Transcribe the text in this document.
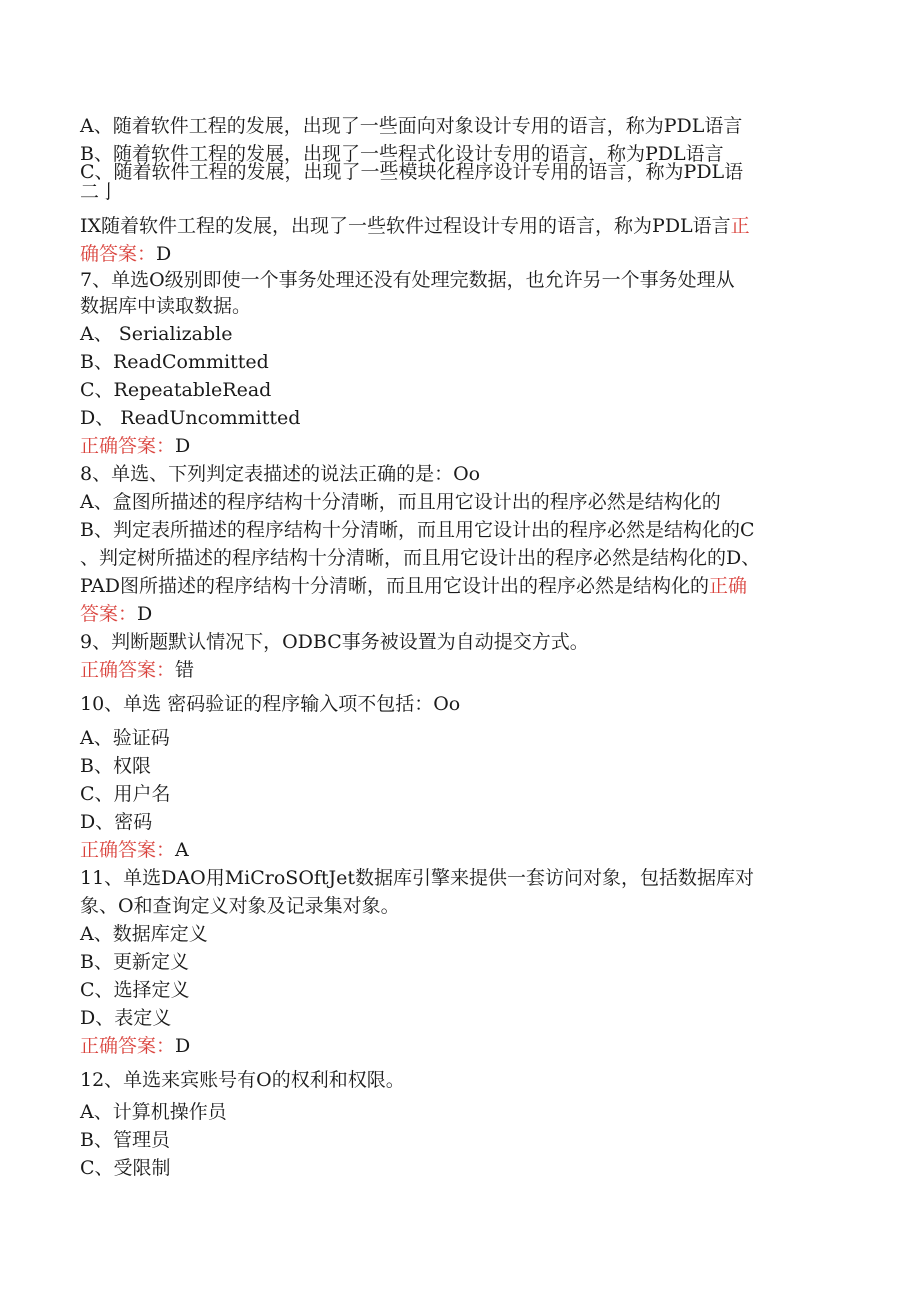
A、随着软件工程的发展，出现了一些面向对象设计专用的语言，称为PDL语言

B、随着软件工程的发展，出现了一些程式化设计专用的语言，称为PDL语言

C、随着软件工程的发展，出现了一些模块化程序设计专用的语言，称为PDL语

二亅

IX随着软件工程的发展，出现了一些软件过程设计专用的语言，称为PDL语言正

确答案：D

7、单选O级别即使一个事务处理还没有处理完数据，也允许另一个事务处理从

数据库中读取数据。

A、 Serializable

B、ReadCommitted

C、RepeatableRead

D、 ReadUncommitted

正确答案：D

8、单选、下列判定表描述的说法正确的是：Oo

A、盒图所描述的程序结构十分清晰，而且用它设计出的程序必然是结构化的

B、判定表所描述的程序结构十分清晰，而且用它设计出的程序必然是结构化的C

、判定树所描述的程序结构十分清晰，而且用它设计出的程序必然是结构化的D、

PAD图所描述的程序结构十分清晰，而且用它设计出的程序必然是结构化的正确

答案：D

9、判断题默认情况下，ODBC事务被设置为自动提交方式。

正确答案：错

10、单选 密码验证的程序输入项不包括：Oo

A、验证码

B、权限

C、用户名

D、密码

正确答案：A

11、单选DAO用MiCroSOftJet数据库引擎来提供一套访问对象，包括数据库对

象、O和查询定义对象及记录集对象。

A、数据库定义

B、更新定义

C、选择定义

D、表定义

正确答案：D

12、单选来宾账号有O的权利和权限。

A、计算机操作员

B、管理员

C、受限制
